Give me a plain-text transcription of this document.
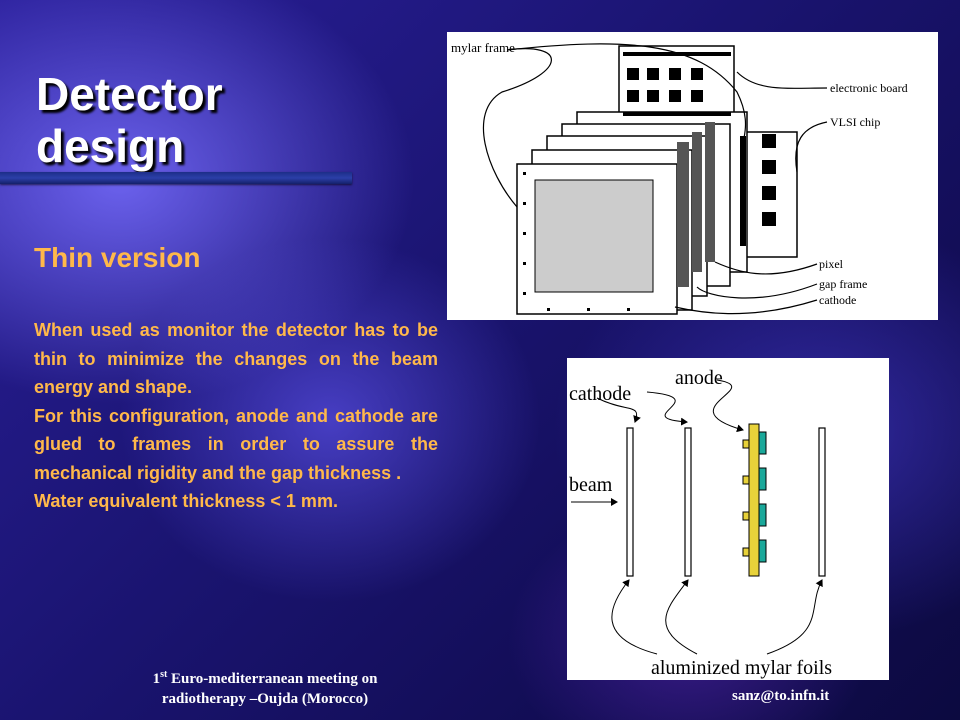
Detector
design
Thin version

When used as monitor the detector has to be thin to minimize the changes on the beam energy and shape.

For this configuration, anode and cathode are glued to frames in order to assure the mechanical rigidity and the gap thickness .

Water equivalent thickness < 1 mm.

mylar frame
electronic board
VLSI chip
pixel
gap frame
cathode
anode
cathode
beam
aluminized mylar foils
1st Euro-mediterranean meeting on
radiotherapy –Oujda (Morocco)	sanz@to.infn.it
